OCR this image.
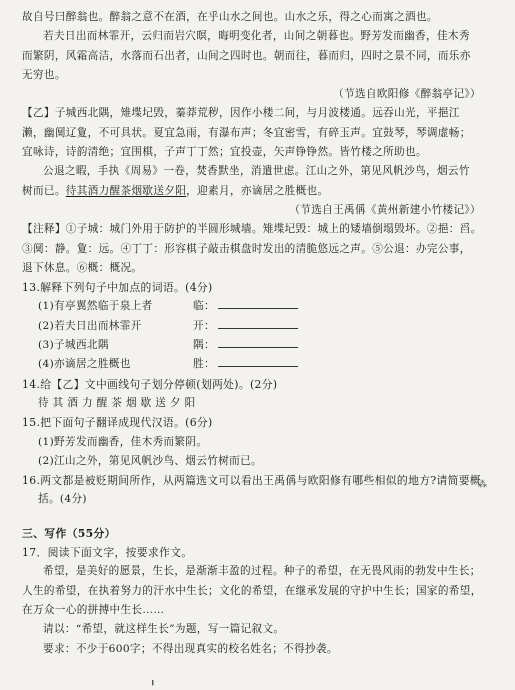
故自号曰醉翁也。醉翁之意不在酒，在乎山水之间也。山水之乐，得之心而寓之酒也。
若夫日出而林霏开，云归而岩穴暝，晦明变化者，山间之朝暮也。野芳发而幽香，佳木秀
而繁阴，风霜高洁，水落而石出者，山间之四时也。朝而往，暮而归，四时之景不同，而乐亦
无穷也。
（节选自欧阳修《醉翁亭记》）
【乙】子城西北隅，雉堞圮毁，蓁莽荒秽，因作小楼二间，与月波楼通。远吞山光，平挹江
濑，幽阒辽夐，不可具状。夏宜急雨，有瀑布声；冬宜密雪，有碎玉声。宜鼓琴，琴调虚畅；
宜咏诗，诗韵清绝；宜围棋，子声丁丁然；宜投壶，矢声铮铮然。皆竹楼之所助也。
公退之暇，手执《周易》一卷，焚香默坐，消遣世虑。江山之外，第见风帆沙鸟，烟云竹
树而已。待其酒力醒茶烟歇送夕阳，迎素月，亦谪居之胜概也。
（节选自王禹偁《黄州新建小竹楼记》）
【注释】①子城：城门外用于防护的半圆形城墙。雉堞圮毁：城上的矮墙倒塌毁坏。②挹：舀。
③阒：静。夐：远。④丁丁：形容棋子敲击棋盘时发出的清脆悠远之声。⑤公退：办完公事，
退下休息。⑥概：概况。
13.解释下列句子中加点的词语。(4分)
(1)有亭翼然临于泉上者	临：
(2)若夫日出而林霏开	开：
(3)子城西北隅	隅：
(4)亦谪居之胜概也	胜：
14.给【乙】文中画线句子划分停顿(划两处)。(2分)
待 其 酒 力 醒 茶 烟 歇 送 夕 阳
15.把下面句子翻译成现代汉语。(6分)
(1)野芳发而幽香，佳木秀而繁阴。
(2)江山之外，第见风帆沙鸟、烟云竹树而已。
16.两文都是被贬期间所作，从两篇选文可以看出王禹偁与欧阳修有哪些相似的地方?请简要概
括。(4分)
三、写作（55分）
17．阅读下面文字，按要求作文。
希望，是美好的愿景，生长，是渐渐丰盈的过程。种子的希望，在无畏风雨的勃发中生长；
人生的希望，在执着努力的汗水中生长；文化的希望，在继承发展的守护中生长；国家的希望，
在万众一心的拼搏中生长……
请以：“希望，就这样生长”为题，写一篇记叙文。
要求：不少于600字；不得出现真实的校名姓名；不得抄袭。
⁂
╻
